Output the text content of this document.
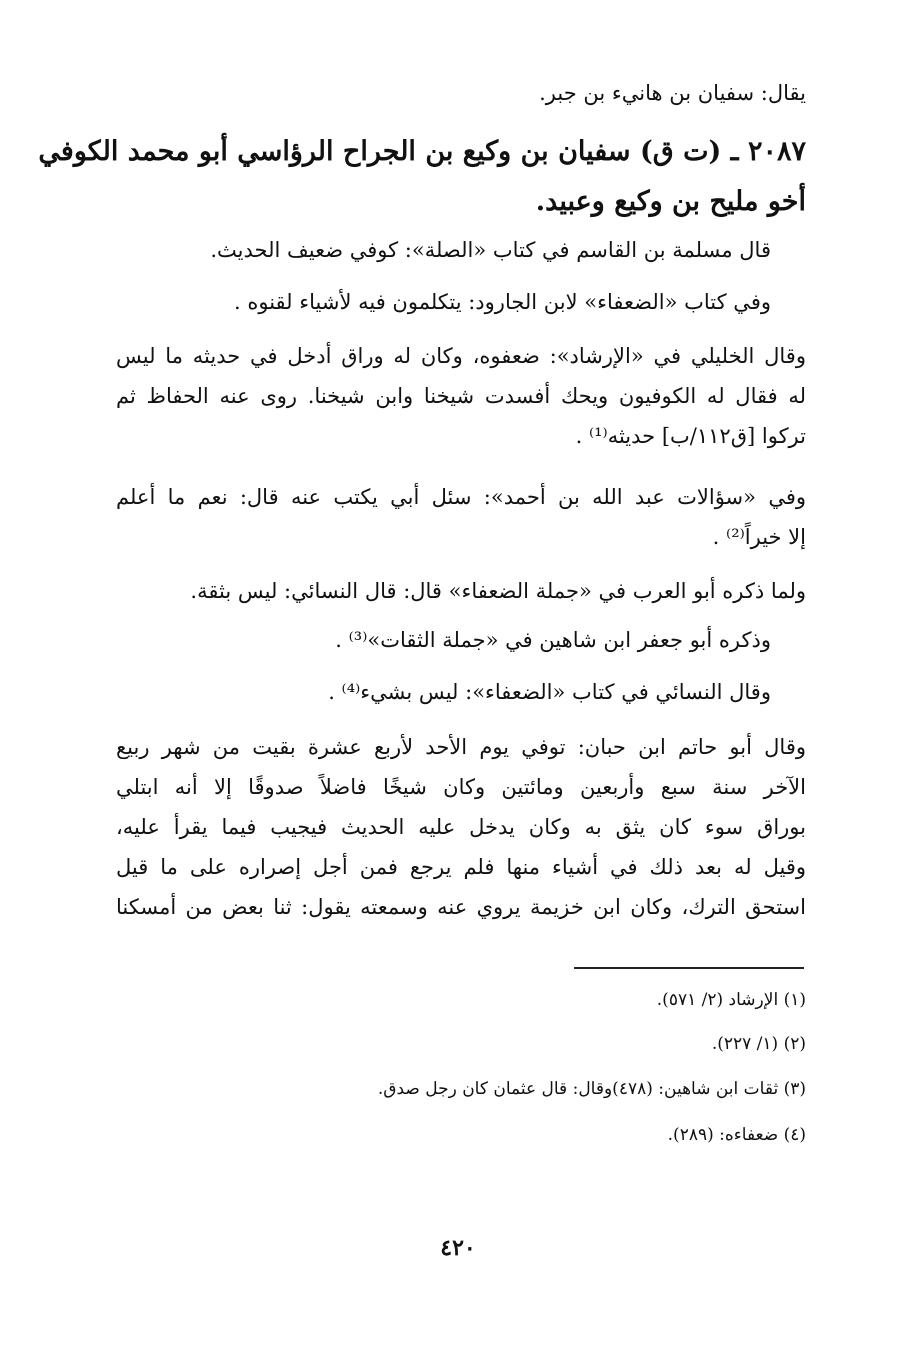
يقال: سفيان بن هانيء بن جبر.
٢٠٨٧ ـ (ت ق) سفيان بن وكيع بن الجراح الرؤاسي أبو محمد الكوفي
أخو مليح بن وكيع وعبيد.
قال مسلمة بن القاسم في كتاب «الصلة»: كوفي ضعيف الحديث.
وفي كتاب «الضعفاء» لابن الجارود: يتكلمون فيه لأشياء لقنوه .
وقال الخليلي في «الإرشاد»: ضعفوه، وكان له وراق أدخل في حديثه ما ليس
له فقال له الكوفيون ويحك أفسدت شيخنا وابن شيخنا. روى عنه الحفاظ ثم
تركوا [ق١١٢/ب] حديثه⁽¹⁾ .
وفي «سؤالات عبد الله بن أحمد»: سئل أبي يكتب عنه قال: نعم ما أعلم
إلا خيراً⁽²⁾ .
ولما ذكره أبو العرب في «جملة الضعفاء» قال: قال النسائي: ليس بثقة.
وذكره أبو جعفر ابن شاهين في «جملة الثقات»⁽³⁾ .
وقال النسائي في كتاب «الضعفاء»: ليس بشيء⁽⁴⁾ .
وقال أبو حاتم ابن حبان: توفي يوم الأحد لأربع عشرة بقيت من شهر ربيع
الآخر سنة سبع وأربعين ومائتين وكان شيخًا فاضلاً صدوقًا إلا أنه ابتلي
بوراق سوء كان يثق به وكان يدخل عليه الحديث فيجيب فيما يقرأ عليه،
وقيل له بعد ذلك في أشياء منها فلم يرجع فمن أجل إصراره على ما قيل
استحق الترك، وكان ابن خزيمة يروي عنه وسمعته يقول: ثنا بعض من أمسكنا
(١) الإرشاد (٢/ ٥٧١).
(٢) (١/ ٢٢٧).
(٣) ثقات ابن شاهين: (٤٧٨)وقال: قال عثمان كان رجل صدق.
(٤) ضعفاءه: (٢٨٩).
٤٢٠
